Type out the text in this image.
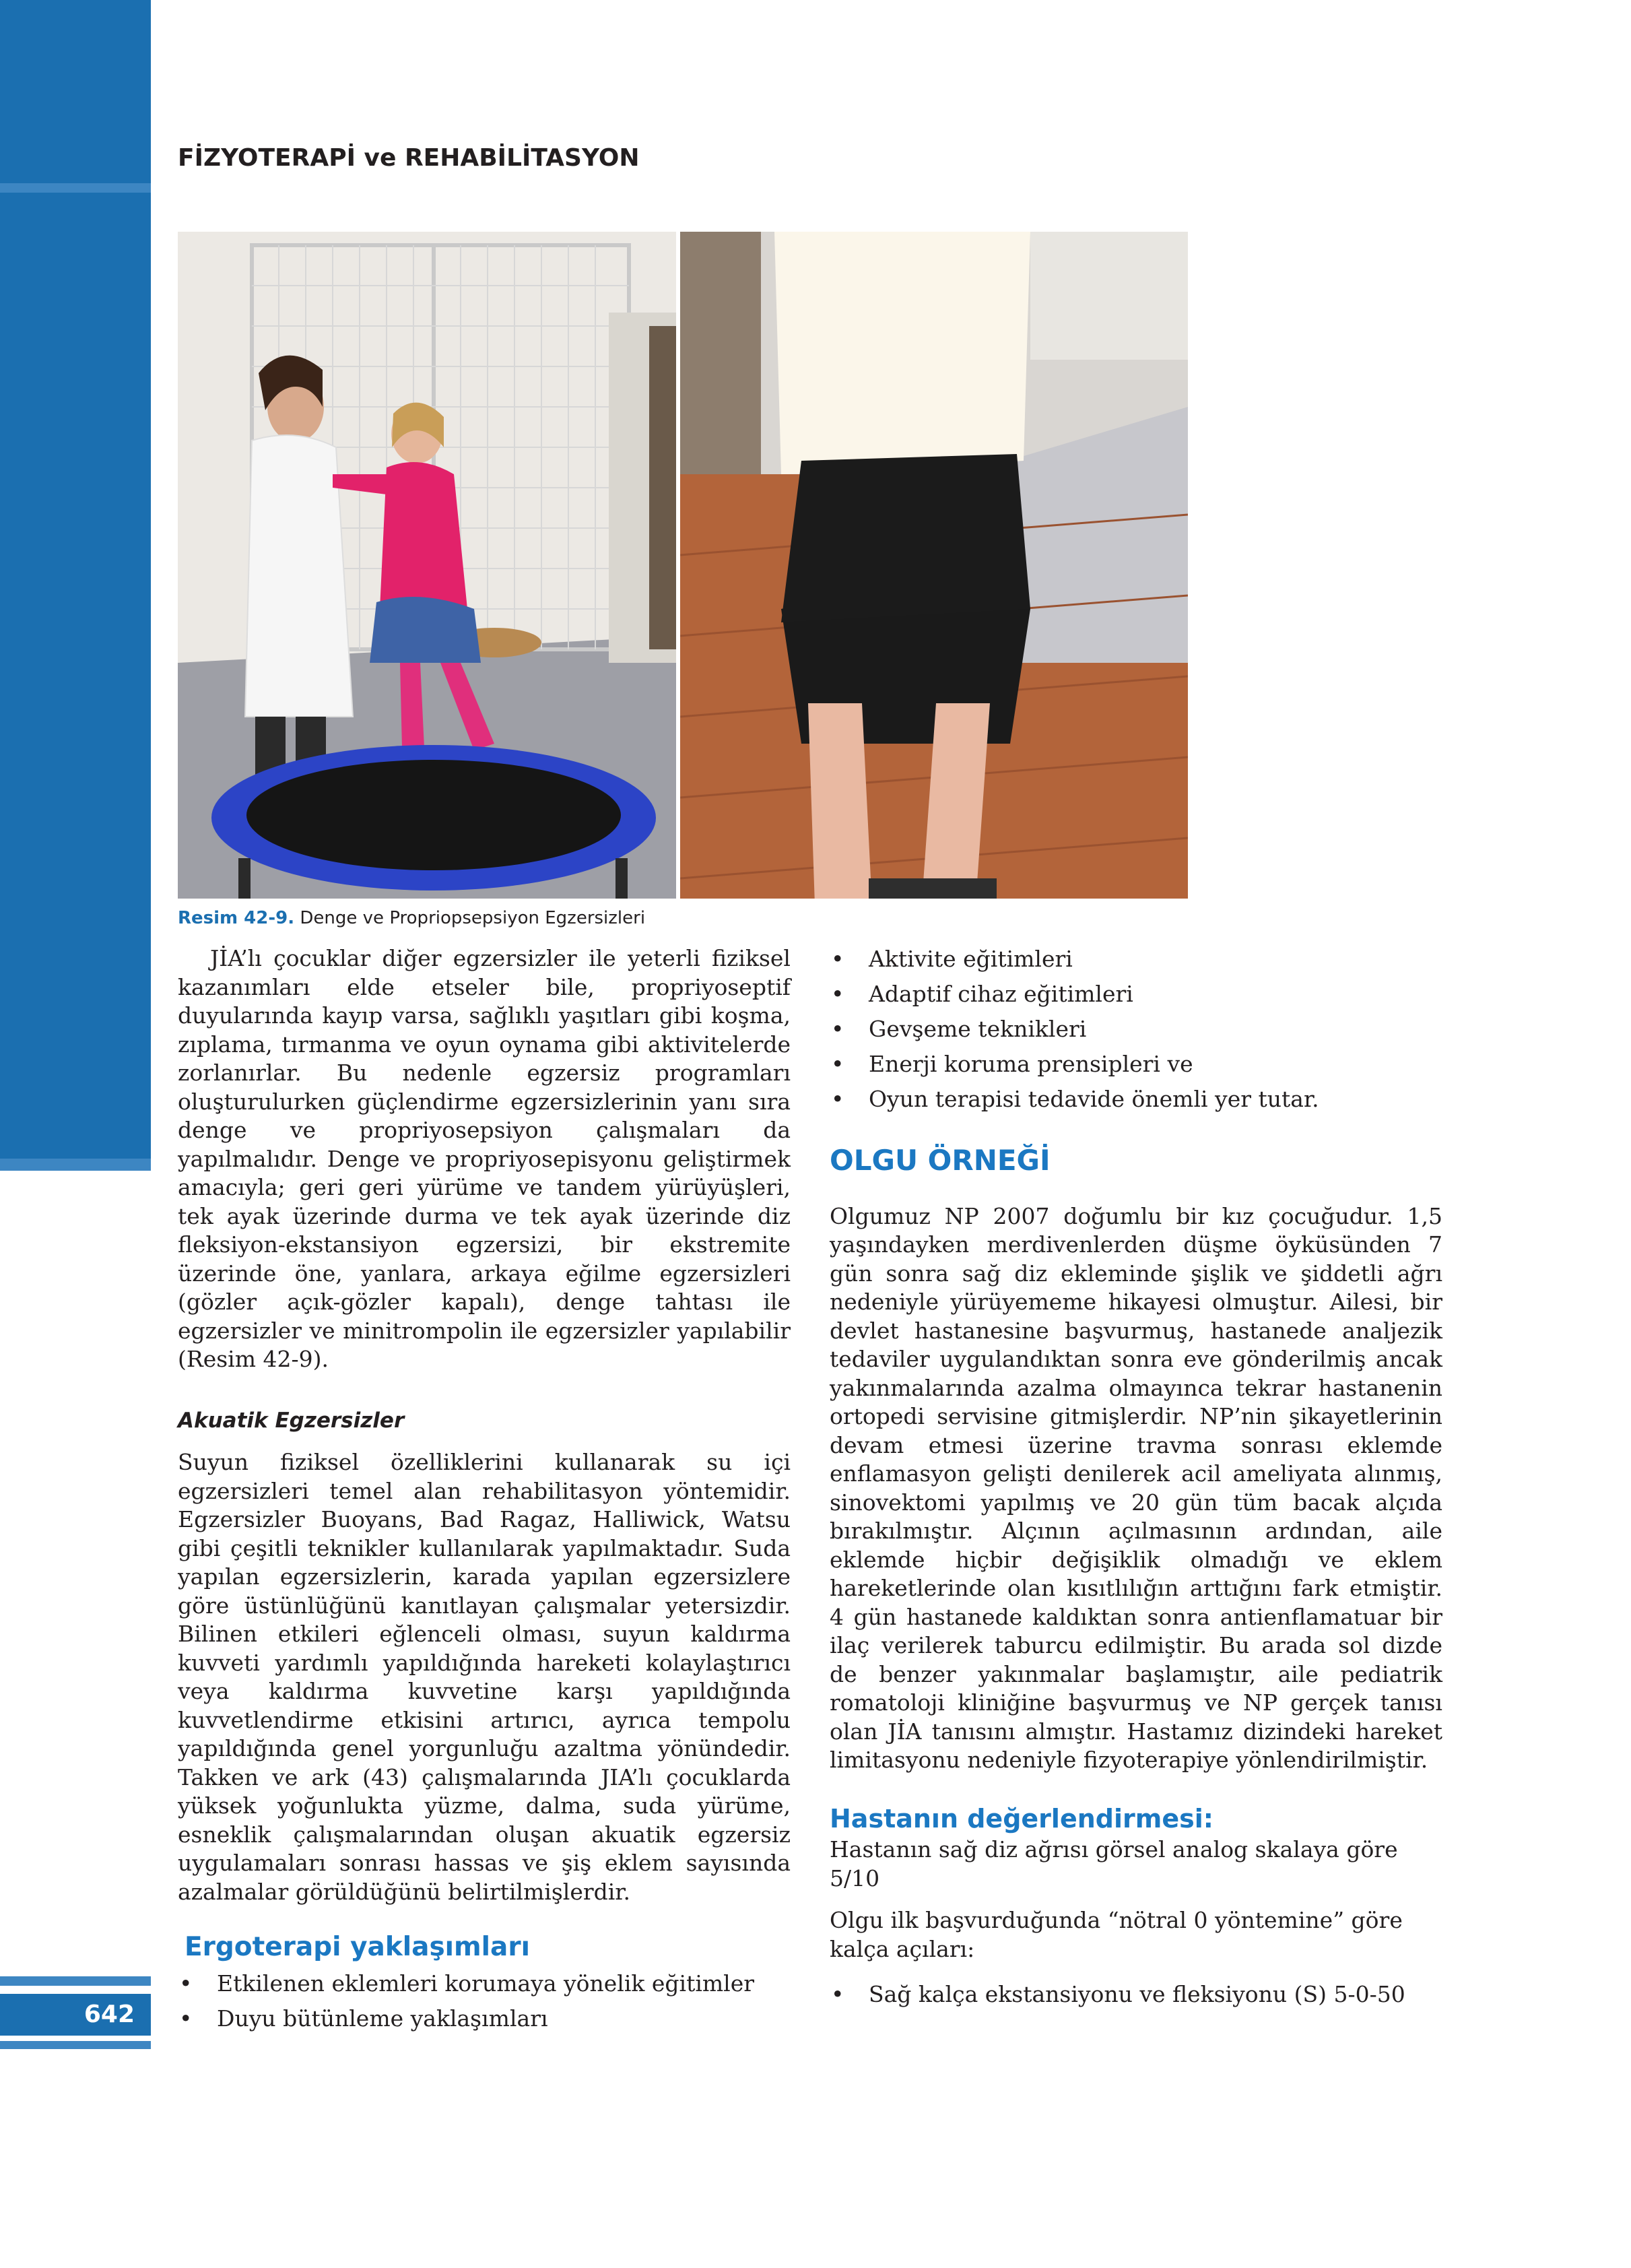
642
FİZYOTERAPİ ve REHABİLİTASYON
Resim 42-9. Denge ve Propriopsepsiyon Egzersizleri

JİA’lı çocuklar diğer egzersizler ile yeterli fiziksel kazanımları elde etseler bile, propriyoseptif duyularında kayıp varsa, sağlıklı yaşıtları gibi koşma, zıplama, tırmanma ve oyun oynama gibi aktivitelerde zorlanırlar. Bu nedenle egzersiz programları oluşturulurken güçlendirme egzersizlerinin yanı sıra denge ve propriyosepsiyon çalışmaları da yapılmalıdır. Denge ve propriyosepisyonu geliştirmek amacıyla; geri geri yürüme ve tandem yürüyüşleri, tek ayak üzerinde durma ve tek ayak üzerinde diz fleksiyon-ekstansiyon egzersizi, bir ekstremite üzerinde öne, yanlara, arkaya eğilme egzersizleri (gözler açık-gözler kapalı), denge tahtası ile egzersizler ve minitrompolin ile egzersizler yapılabilir (Resim 42-9).

Akuatik Egzersizler

Suyun fiziksel özelliklerini kullanarak su içi egzersizleri temel alan rehabilitasyon yöntemidir. Egzersizler Buoyans, Bad Ragaz, Halliwick, Watsu gibi çeşitli teknikler kullanılarak yapılmaktadır. Suda yapılan egzersizlerin, karada yapılan egzersizlere göre üstünlüğünü kanıtlayan çalışmalar yetersizdir. Bilinen etkileri eğlenceli olması, suyun kaldırma kuvveti yardımlı yapıldığında hareketi kolaylaştırıcı veya kaldırma kuvvetine karşı yapıldığında kuvvetlendirme etkisini artırıcı, ayrıca tempolu yapıldığında genel yorgunluğu azaltma yönündedir. Takken ve ark (43) çalışmalarında JIA’lı çocuklarda yüksek yoğunlukta yüzme, dalma, suda yürüme, esneklik çalışmalarından oluşan akuatik egzersiz uygulamaları sonrası hassas ve şiş eklem sayısında azalmalar görüldüğünü belirtilmişlerdir.

Ergoterapi yaklaşımları

• Etkilenen eklemleri korumaya yönelik eğitimler
• Duyu bütünleme yaklaşımları
• Aktivite eğitimleri
• Adaptif cihaz eğitimleri
• Gevşeme teknikleri
• Enerji koruma prensipleri ve
• Oyun terapisi tedavide önemli yer tutar.

OLGU ÖRNEĞİ

Olgumuz NP 2007 doğumlu bir kız çocuğudur. 1,5 yaşındayken merdivenlerden düşme öyküsünden 7 gün sonra sağ diz ekleminde şişlik ve şiddetli ağrı nedeniyle yürüyememe hikayesi olmuştur. Ailesi, bir devlet hastanesine başvurmuş, hastanede analjezik tedaviler uygulandıktan sonra eve gönderilmiş ancak yakınmalarında azalma olmayınca tekrar hastanenin ortopedi servisine gitmişlerdir. NP’nin şikayetlerinin devam etmesi üzerine travma sonrası eklemde enflamasyon gelişti denilerek acil ameliyata alınmış, sinovektomi yapılmış ve 20 gün tüm bacak alçıda bırakılmıştır. Alçının açılmasının ardından, aile eklemde hiçbir değişiklik olmadığı ve eklem hareketlerinde olan kısıtlılığın arttığını fark etmiştir. 4 gün hastanede kaldıktan sonra antienflamatuar bir ilaç verilerek taburcu edilmiştir. Bu arada sol dizde de benzer yakınmalar başlamıştır, aile pediatrik romatoloji kliniğine başvurmuş ve NP gerçek tanısı olan JİA tanısını almıştır. Hastamız dizindeki hareket limitasyonu nedeniyle fizyoterapiye yönlendirilmiştir.

Hastanın değerlendirmesi:

Hastanın sağ diz ağrısı görsel analog skalaya göre 5/10

Olgu ilk başvurduğunda “nötral 0 yöntemine” göre kalça açıları:

• Sağ kalça ekstansiyonu ve fleksiyonu (S) 5-0-50
